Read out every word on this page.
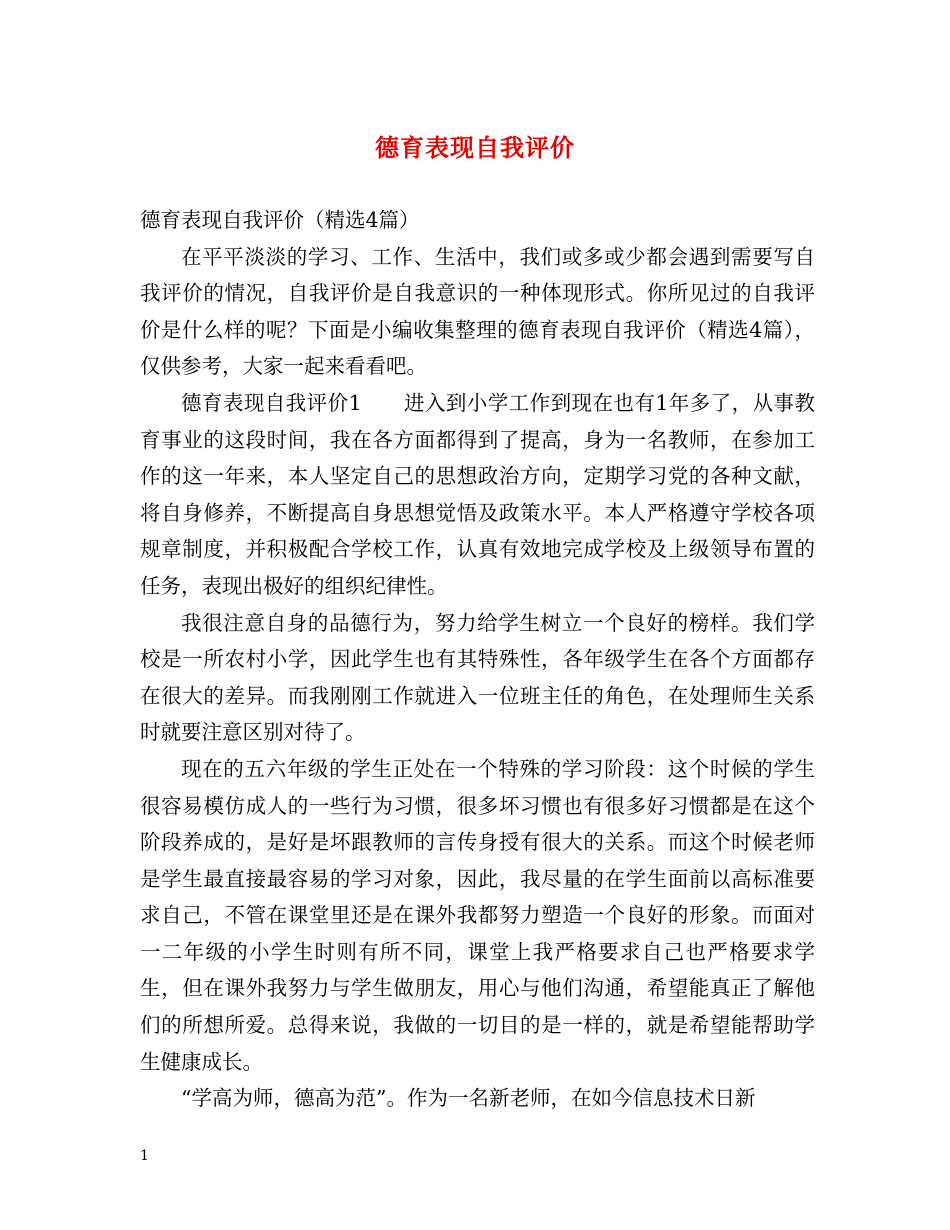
德育表现自我评价

德育表现自我评价（精选4篇）

在平平淡淡的学习、工作、生活中，我们或多或少都会遇到需要写自我评价的情况，自我评价是自我意识的一种体现形式。你所见过的自我评价是什么样的呢？下面是小编收集整理的德育表现自我评价（精选4篇），仅供参考，大家一起来看看吧。

德育表现自我评价1　　进入到小学工作到现在也有1年多了，从事教育事业的这段时间，我在各方面都得到了提高，身为一名教师，在参加工作的这一年来，本人坚定自己的思想政治方向，定期学习党的各种文献，将自身修养，不断提高自身思想觉悟及政策水平。本人严格遵守学校各项规章制度，并积极配合学校工作，认真有效地完成学校及上级领导布置的任务，表现出极好的组织纪律性。

我很注意自身的品德行为，努力给学生树立一个良好的榜样。我们学校是一所农村小学，因此学生也有其特殊性，各年级学生在各个方面都存在很大的差异。而我刚刚工作就进入一位班主任的角色，在处理师生关系时就要注意区别对待了。

现在的五六年级的学生正处在一个特殊的学习阶段：这个时候的学生很容易模仿成人的一些行为习惯，很多坏习惯也有很多好习惯都是在这个阶段养成的，是好是坏跟教师的言传身授有很大的关系。而这个时候老师是学生最直接最容易的学习对象，因此，我尽量的在学生面前以高标准要求自己，不管在课堂里还是在课外我都努力塑造一个良好的形象。而面对一二年级的小学生时则有所不同，课堂上我严格要求自己也严格要求学生，但在课外我努力与学生做朋友，用心与他们沟通，希望能真正了解他们的所想所爱。总得来说，我做的一切目的是一样的，就是希望能帮助学生健康成长。

“学高为师，德高为范”。作为一名新老师，在如今信息技术日新

1
